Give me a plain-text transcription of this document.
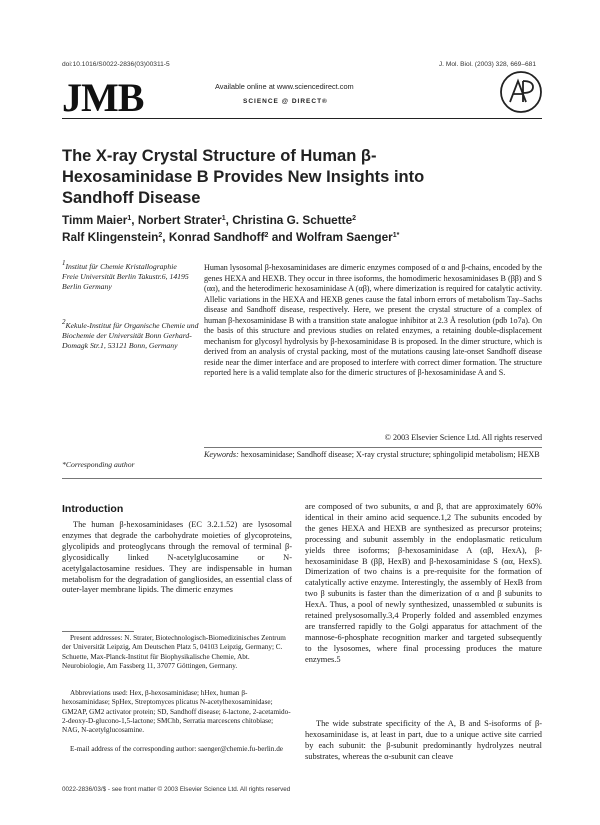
doi:10.1016/S0022-2836(03)00311-5	J. Mol. Biol. (2003) 328, 669–681
JMB	Available online at www.sciencedirect.com
SCIENCE @ DIRECT®
The X-ray Crystal Structure of Human β-Hexosaminidase B Provides New Insights into Sandhoff Disease
Timm Maier$^1$, Norbert Strater$^1$, Christina G. Schuette$^2$
Ralf Klingenstein$^2$, Konrad Sandhoff$^2$ and Wolfram Saenger$^{1*}$
$^1$Institut für Chemie Kristallographie Freie Universität Berlin Takustr.6, 14195 Berlin Germany
$^2$Kekule-Institut für Organische Chemie und Biochemie der Universität Bonn Gerhard-Domagk Str.1, 53121 Bonn, Germany
*Corresponding author
Human lysosomal β-hexosaminidases are dimeric enzymes composed of α and β-chains, encoded by the genes HEXA and HEXB. They occur in three isoforms, the homodimeric hexosaminidases B (ββ) and S (αα), and the heterodimeric hexosaminidase A (αβ), where dimerization is required for catalytic activity. Allelic variations in the HEXA and HEXB genes cause the fatal inborn errors of metabolism Tay–Sachs disease and Sandhoff disease, respectively. Here, we present the crystal structure of a complex of human β-hexosaminidase B with a transition state analogue inhibitor at 2.3 Å resolution (pdb 1o7a). On the basis of this structure and previous studies on related enzymes, a retaining double-displacement mechanism for glycosyl hydrolysis by β-hexosaminidase B is proposed. In the dimer structure, which is derived from an analysis of crystal packing, most of the mutations causing late-onset Sandhoff disease reside near the dimer interface and are proposed to interfere with correct dimer formation. The structure reported here is a valid template also for the dimeric structures of β-hexosaminidase A and S.
© 2003 Elsevier Science Ltd. All rights reserved
Keywords: hexosaminidase; Sandhoff disease; X-ray crystal structure; sphingolipid metabolism; HEXB
Introduction
The human β-hexosaminidases (EC 3.2.1.52) are lysosomal enzymes that degrade the carbohydrate moieties of glycoproteins, glycolipids and proteoglycans through the removal of terminal β-glycosidically linked N-acetylglucosamine or N-acetylgalactosamine residues. They are indispensable in human metabolism for the degradation of gangliosides, an essential class of outer-layer membrane lipids. The dimeric enzymes
are composed of two subunits, α and β, that are approximately 60% identical in their amino acid sequence.1,2 The subunits encoded by the genes HEXA and HEXB are synthesized as precursor proteins; processing and subunit assembly in the endoplasmatic reticulum yields three isoforms; β-hexosaminidase A (αβ, HexA), β-hexosaminidase B (ββ, HexB) and β-hexosaminidase S (αα, HexS). Dimerization of two chains is a pre-requisite for the formation of catalytically active enzyme. Interestingly, the assembly of HexB from two β subunits is faster than the dimerization of α and β subunits to HexA. Thus, a pool of newly synthesized, unassembled α subunits is retained prelysosomally.3,4 Properly folded and assembled enzymes are transferred rapidly to the Golgi apparatus for attachment of the mannose-6-phosphate recognition marker and targeted subsequently to the lysosomes, where final processing produces the mature enzymes.5
The wide substrate specificity of the A, B and S-isoforms of β-hexosaminidase is, at least in part, due to a unique active site carried by each subunit: the β-subunit predominantly hydrolyzes neutral substrates, whereas the α-subunit can cleave
Present addresses: N. Strater, Biotechnologisch-Biomedizinisches Zentrum der Universität Leipzig, Am Deutschen Platz 5, 04103 Leipzig, Germany; C. Schuette, Max-Planck-Institut für Biophysikalische Chemie, Abt. Neurobiologie, Am Fassberg 11, 37077 Göttingen, Germany.
Abbreviations used: Hex, β-hexosaminidase; hHex, human β-hexosaminidase; SpHex, Streptomyces plicatus N-acetylhexosaminidase; GM2AP, GM2 activator protein; SD, Sandhoff disease; δ-lactone, 2-acetamido-2-deoxy-D-glucono-1,5-lactone; SMChb, Serratia marcescens chitobiase; NAG, N-acetylglucosamine.
E-mail address of the corresponding author: saenger@chemie.fu-berlin.de
0022-2836/03/$ - see front matter © 2003 Elsevier Science Ltd. All rights reserved
